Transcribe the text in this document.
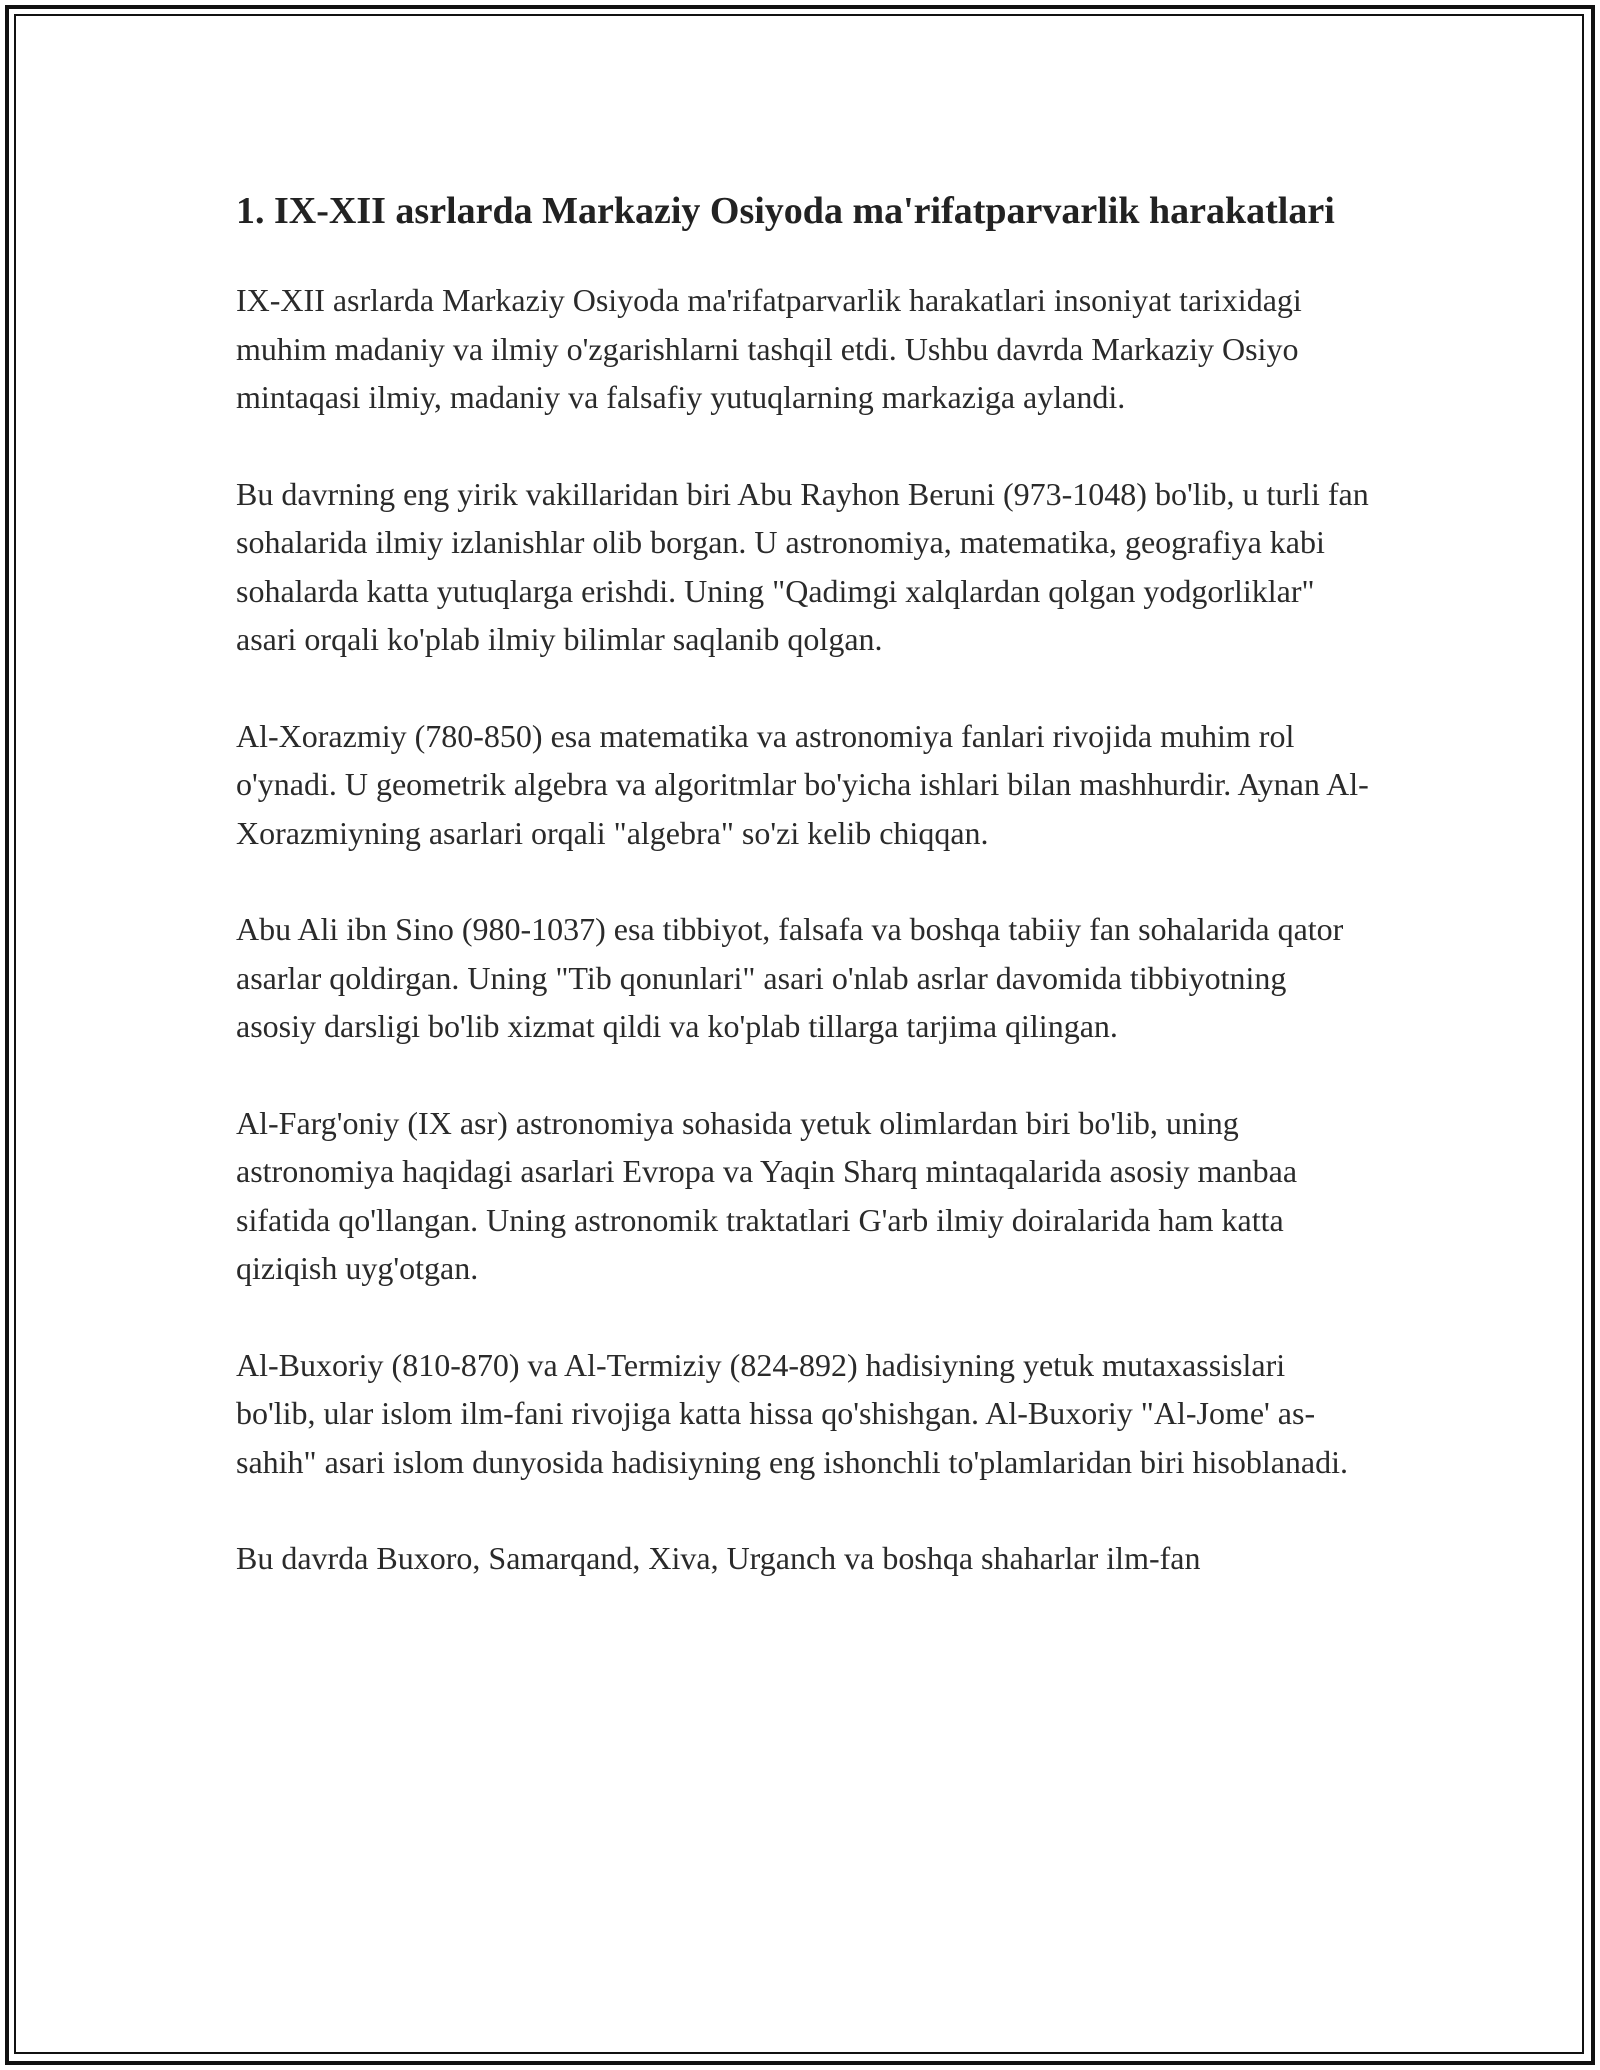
1. IX-XII asrlarda Markaziy Osiyoda ma'rifatparvarlik harakatlari

IX-XII asrlarda Markaziy Osiyoda ma'rifatparvarlik harakatlari insoniyat tarixidagi muhim madaniy va ilmiy o'zgarishlarni tashqil etdi. Ushbu davrda Markaziy Osiyo mintaqasi ilmiy, madaniy va falsafiy yutuqlarning markaziga aylandi.

Bu davrning eng yirik vakillaridan biri Abu Rayhon Beruni (973-1048) bo'lib, u turli fan sohalarida ilmiy izlanishlar olib borgan. U astronomiya, matematika, geografiya kabi sohalarda katta yutuqlarga erishdi. Uning "Qadimgi xalqlardan qolgan yodgorliklar" asari orqali ko'plab ilmiy bilimlar saqlanib qolgan.

Al-Xorazmiy (780-850) esa matematika va astronomiya fanlari rivojida muhim rol o'ynadi. U geometrik algebra va algoritmlar bo'yicha ishlari bilan mashhurdir. Aynan Al-Xorazmiyning asarlari orqali "algebra" so'zi kelib chiqqan.

Abu Ali ibn Sino (980-1037) esa tibbiyot, falsafa va boshqa tabiiy fan sohalarida qator asarlar qoldirgan. Uning "Tib qonunlari" asari o'nlab asrlar davomida tibbiyotning asosiy darsligi bo'lib xizmat qildi va ko'plab tillarga tarjima qilingan.

Al-Farg'oniy (IX asr) astronomiya sohasida yetuk olimlardan biri bo'lib, uning astronomiya haqidagi asarlari Evropa va Yaqin Sharq mintaqalarida asosiy manbaa sifatida qo'llangan. Uning astronomik traktatlari G'arb ilmiy doiralarida ham katta qiziqish uyg'otgan.

Al-Buxoriy (810-870) va Al-Termiziy (824-892) hadisiyning yetuk mutaxassislari bo'lib, ular islom ilm-fani rivojiga katta hissa qo'shishgan. Al-Buxoriy "Al-Jome' as-sahih" asari islom dunyosida hadisiyning eng ishonchli to'plamlaridan biri hisoblanadi.

Bu davrda Buxoro, Samarqand, Xiva, Urganch va boshqa shaharlar ilm-fan
